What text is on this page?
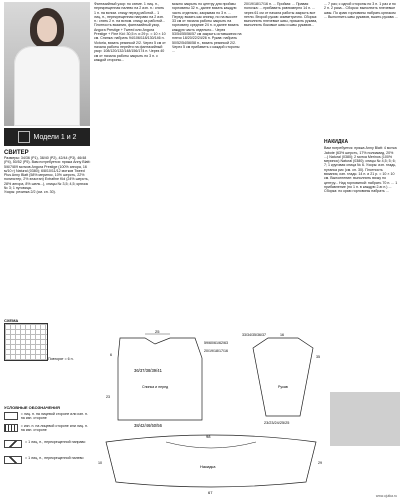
Модели 1 и 2
СВИТЕР
Размеры: 34/36 (P1), 38/40 (P2), 42/44 (P3), 46/48 (P4), 50/52 (P5). Вам потребуется: пряжа Anny Blatt: 5/6/7/8/9 мотков Angora Prestige (100% ангора, 16 м/10 г) Natural (0380); 6/8/10/11/12 мотков Tweed Plus Anny Blatt (58% меринос, 10% шерсть, 22% полиэстер, 2% эластан) Extrafine Kid (24% шерсть, 28% ангора, 8% шелк...), спицы № 3,5; 4,5; крючок № 3; 1 пуговица.
Узоры: резинка 2/2 (см. сп. 30).
СХЕМА
Повторят = 6 п.
УСЛОВНЫЕ ОБОЗНАЧЕНИЯ
= лиц. п. на лицевой стороне или изн. п. на изн. стороне
= изн. п. на лицевой стороне или лиц. п. на изн. стороне
= 1 лиц. п., перекрещенной направо
= 1 лиц. п., перекрещенной налево
Фантазийный узор: по схеме. 1 лиц. п., перекрещенная налево на 2 изн. п.: снять 1 п. на вспом. спицу перед работой... 1 лиц. п., перекрещенная направо на 2 изн. п.: снять 2 п. на вспом. спицу за работой... Плотность вязания, фантазийный узор, Angora Prestige + Tweed или Angora Prestige + Fine Kid: 30,5 п. и 29 р. = 10 × 10 см. Спинка: набрать 94/106/118/130/146 п. Victoria, вязать резинкой 2/2. Через 5 см от начала работы перейти на фантазийный узор: 108/120/132/148/156/174 п. Через 40 см от начала работы закрыть по 3 п. с каждой стороны...
можно закрыть по центру для проймы горловины 32 п., далее вязать каждую часть отдельно, закрывая по 3 п. ... Перед: вязать как спинку, но на высоте 33 см от начала работы закрыть на горловину средние 24 п. и далее вязать каждую часть отдельно... Через 53/54/55/56/57 см закрыть оставшиеся на плечо 18/20/22/24/26 п. Рукав: набрать 50/52/54/56/58 п., вязать резинкой 2/2. Через 5 см прибавить с каждой стороны ...
20/19/18/17/16 п. ... Пройма: ... Правая полочка: ... прибавить равномерно 14 п. ... через 61 см от начала работы закрыть все петли. Второй рукав: симметрично. Сборка: выполнить плечевые швы, пришить рукава, выполнить боковые швы и швы рукавов...
... 7 раз; с одной стороны по 3 п. 1 раз и по 2 п. 2 раза... Сборка: выполнить плечевые швы. По краю горловины набрать крючком ... Выполнить швы рукавов, вшить рукава ...
НАКИДКА
Вам потребуется: пряжа Anny Blatt: 4 мотка Jabote (63% шерсть, 17% полиамид, 20% ...) Natural (0380); 2 мотка Merinos (100% меринос) Natural (0380); спицы № 4,5; 5; 6; 7; 1 круговая спица № 6. Узоры: изн. гладь, путанка рис (см. сп. 30). Плотность вязания, изн. гладь: 14 п. и 21 р. = 10 × 10 см. Выполнение: выполнить вязку по центру... Над горловиной: набрать 70 п. ... 1 прибавление (по 1 п. в каждую 2-ю п.) ... Сборка: по краю горловины набрать ...
25
36/37/38/39/41
Спинка и перед
38/42/46/50/56
59/60/61/62/63
20/19/18/17/16
6
23
33/34/35/36/37
Рукав
16
23/23/24/25/25
35
98
Накидка
67
10	29
www.ujutka.ru
